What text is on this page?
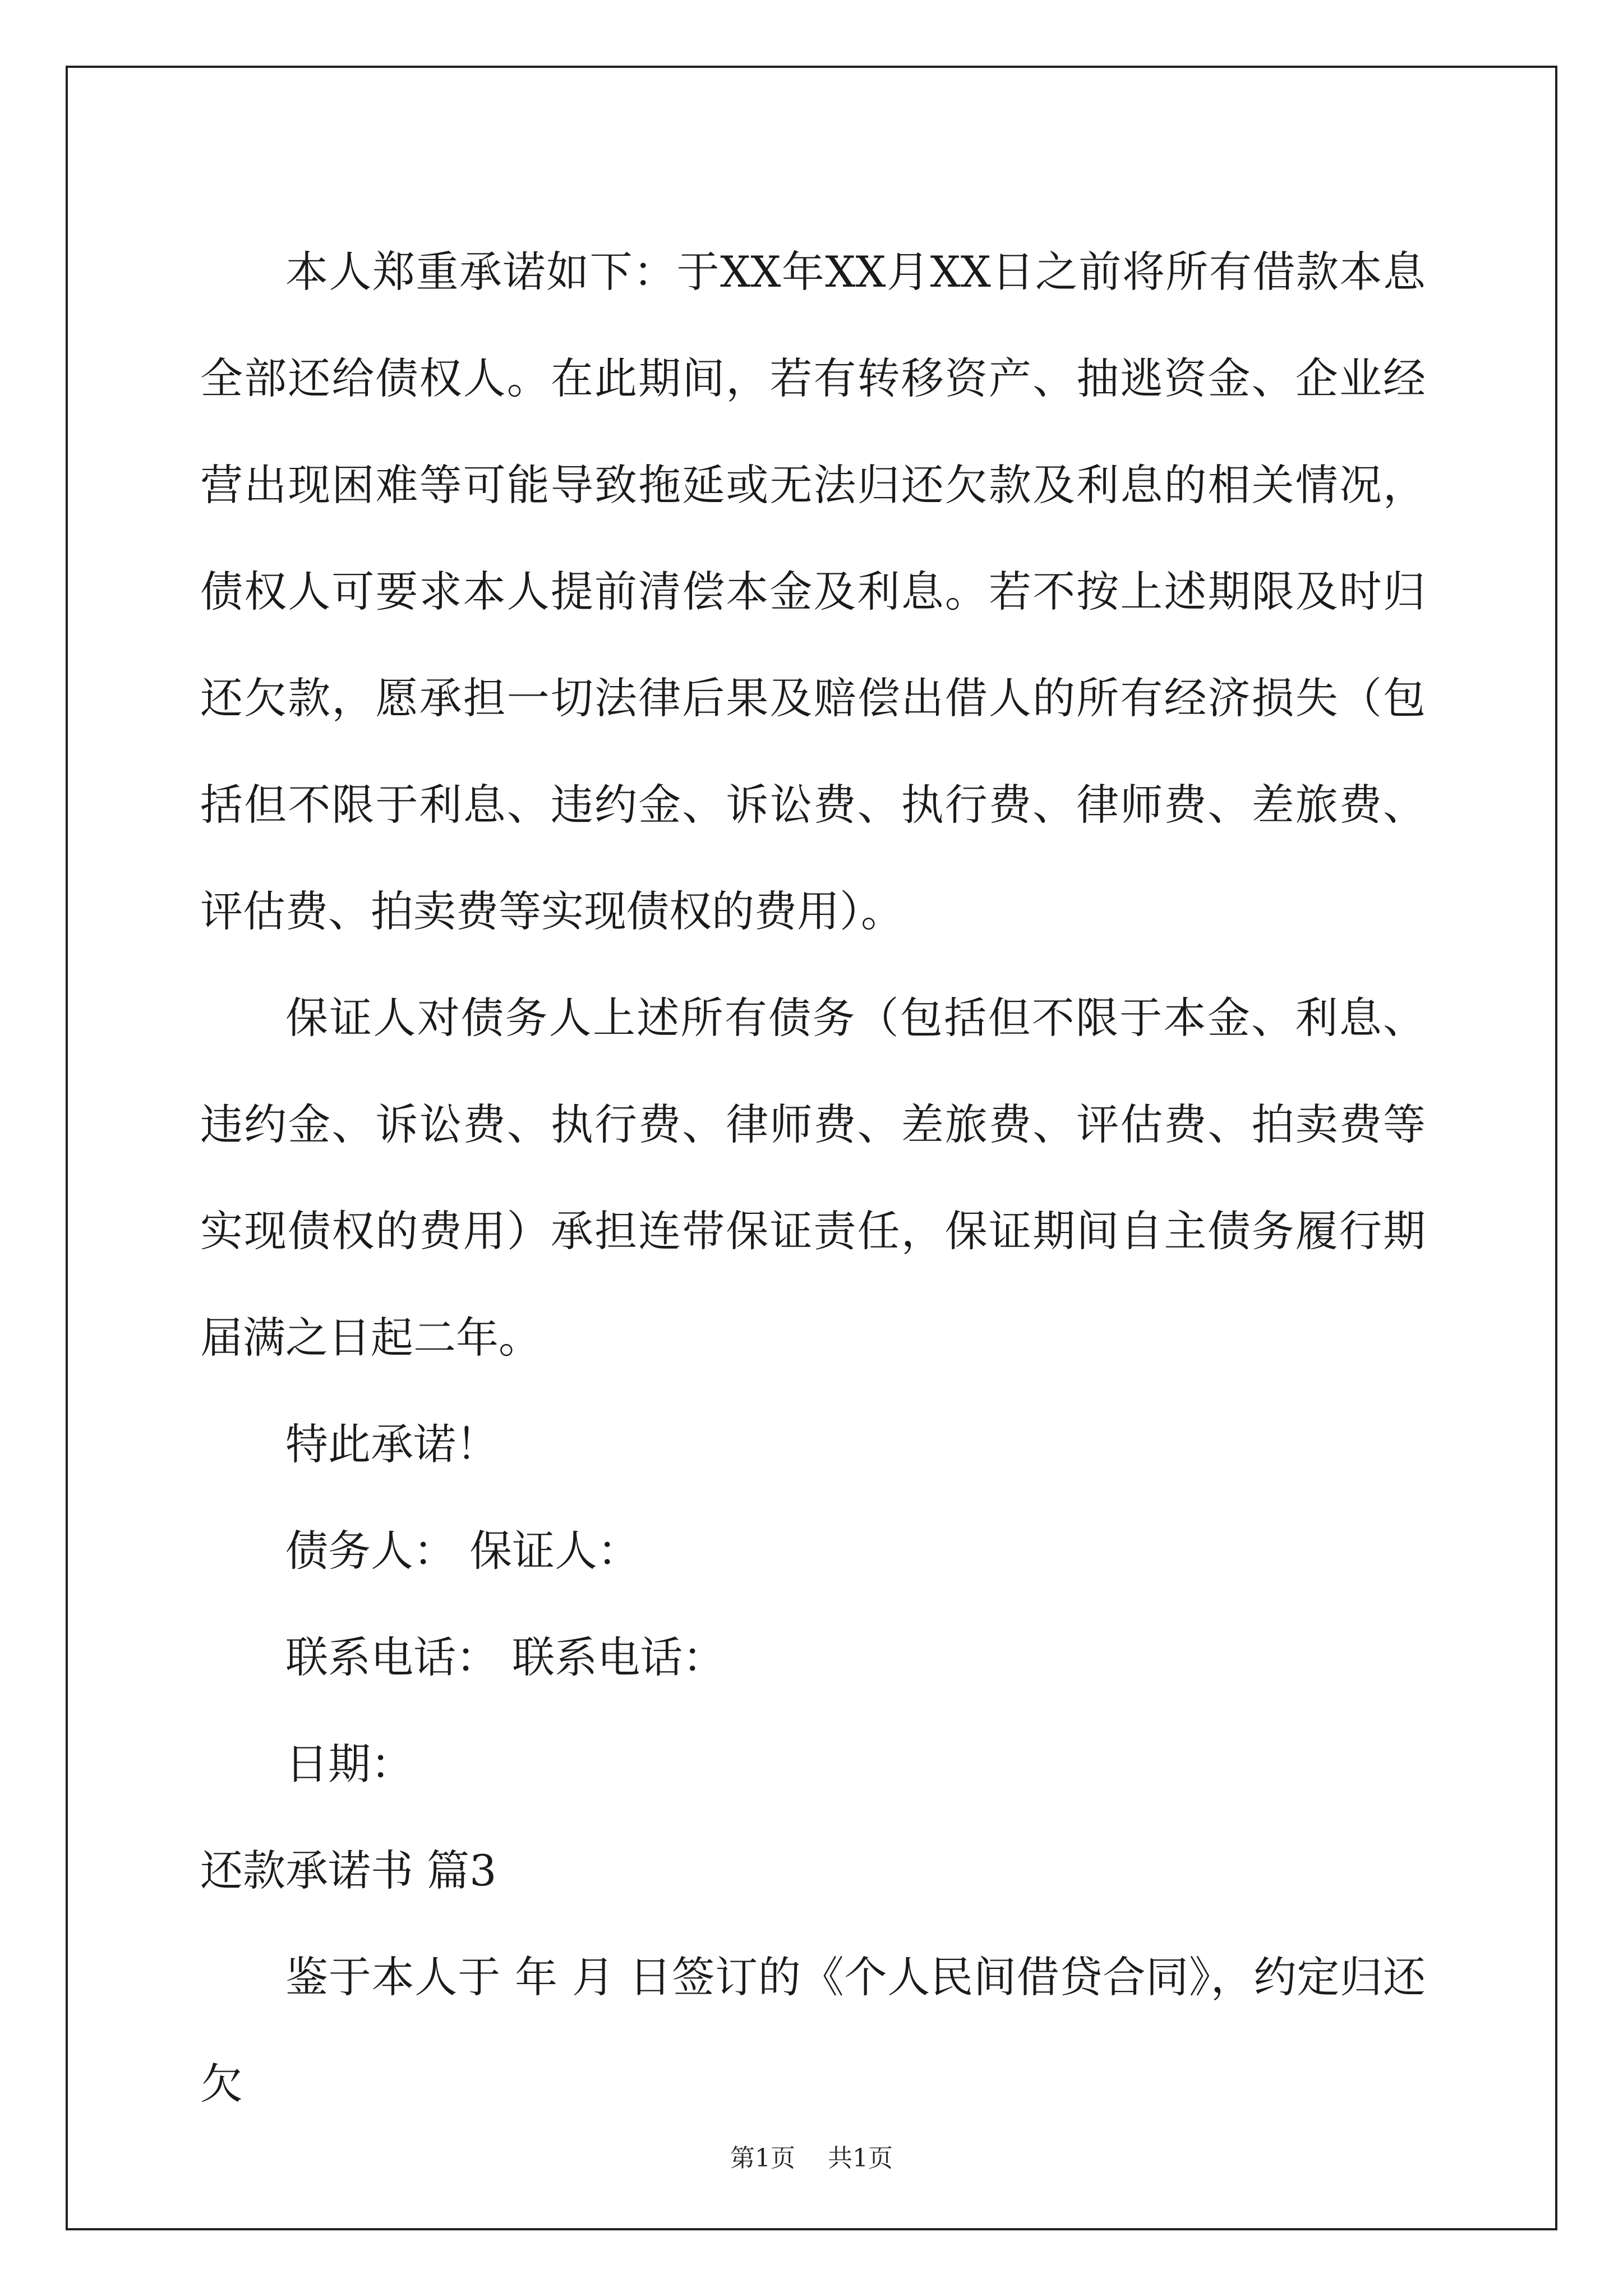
本人郑重承诺如下：于XX年XX月XX日之前将所有借款本息全部还给债权人。在此期间，若有转移资产、抽逃资金、企业经营出现困难等可能导致拖延或无法归还欠款及利息的相关情况，债权人可要求本人提前清偿本金及利息。若不按上述期限及时归还欠款，愿承担一切法律后果及赔偿出借人的所有经济损失（包括但不限于利息、违约金、诉讼费、执行费、律师费、差旅费、评估费、拍卖费等实现债权的费用）。

保证人对债务人上述所有债务（包括但不限于本金、利息、违约金、诉讼费、执行费、律师费、差旅费、评估费、拍卖费等实现债权的费用）承担连带保证责任，保证期间自主债务履行期届满之日起二年。

特此承诺！

债务人： 保证人：

联系电话： 联系电话：

日期：

还款承诺书 篇3

鉴于本人于 年 月 日签订的《个人民间借贷合同》，约定归还欠

第1页 共1页
